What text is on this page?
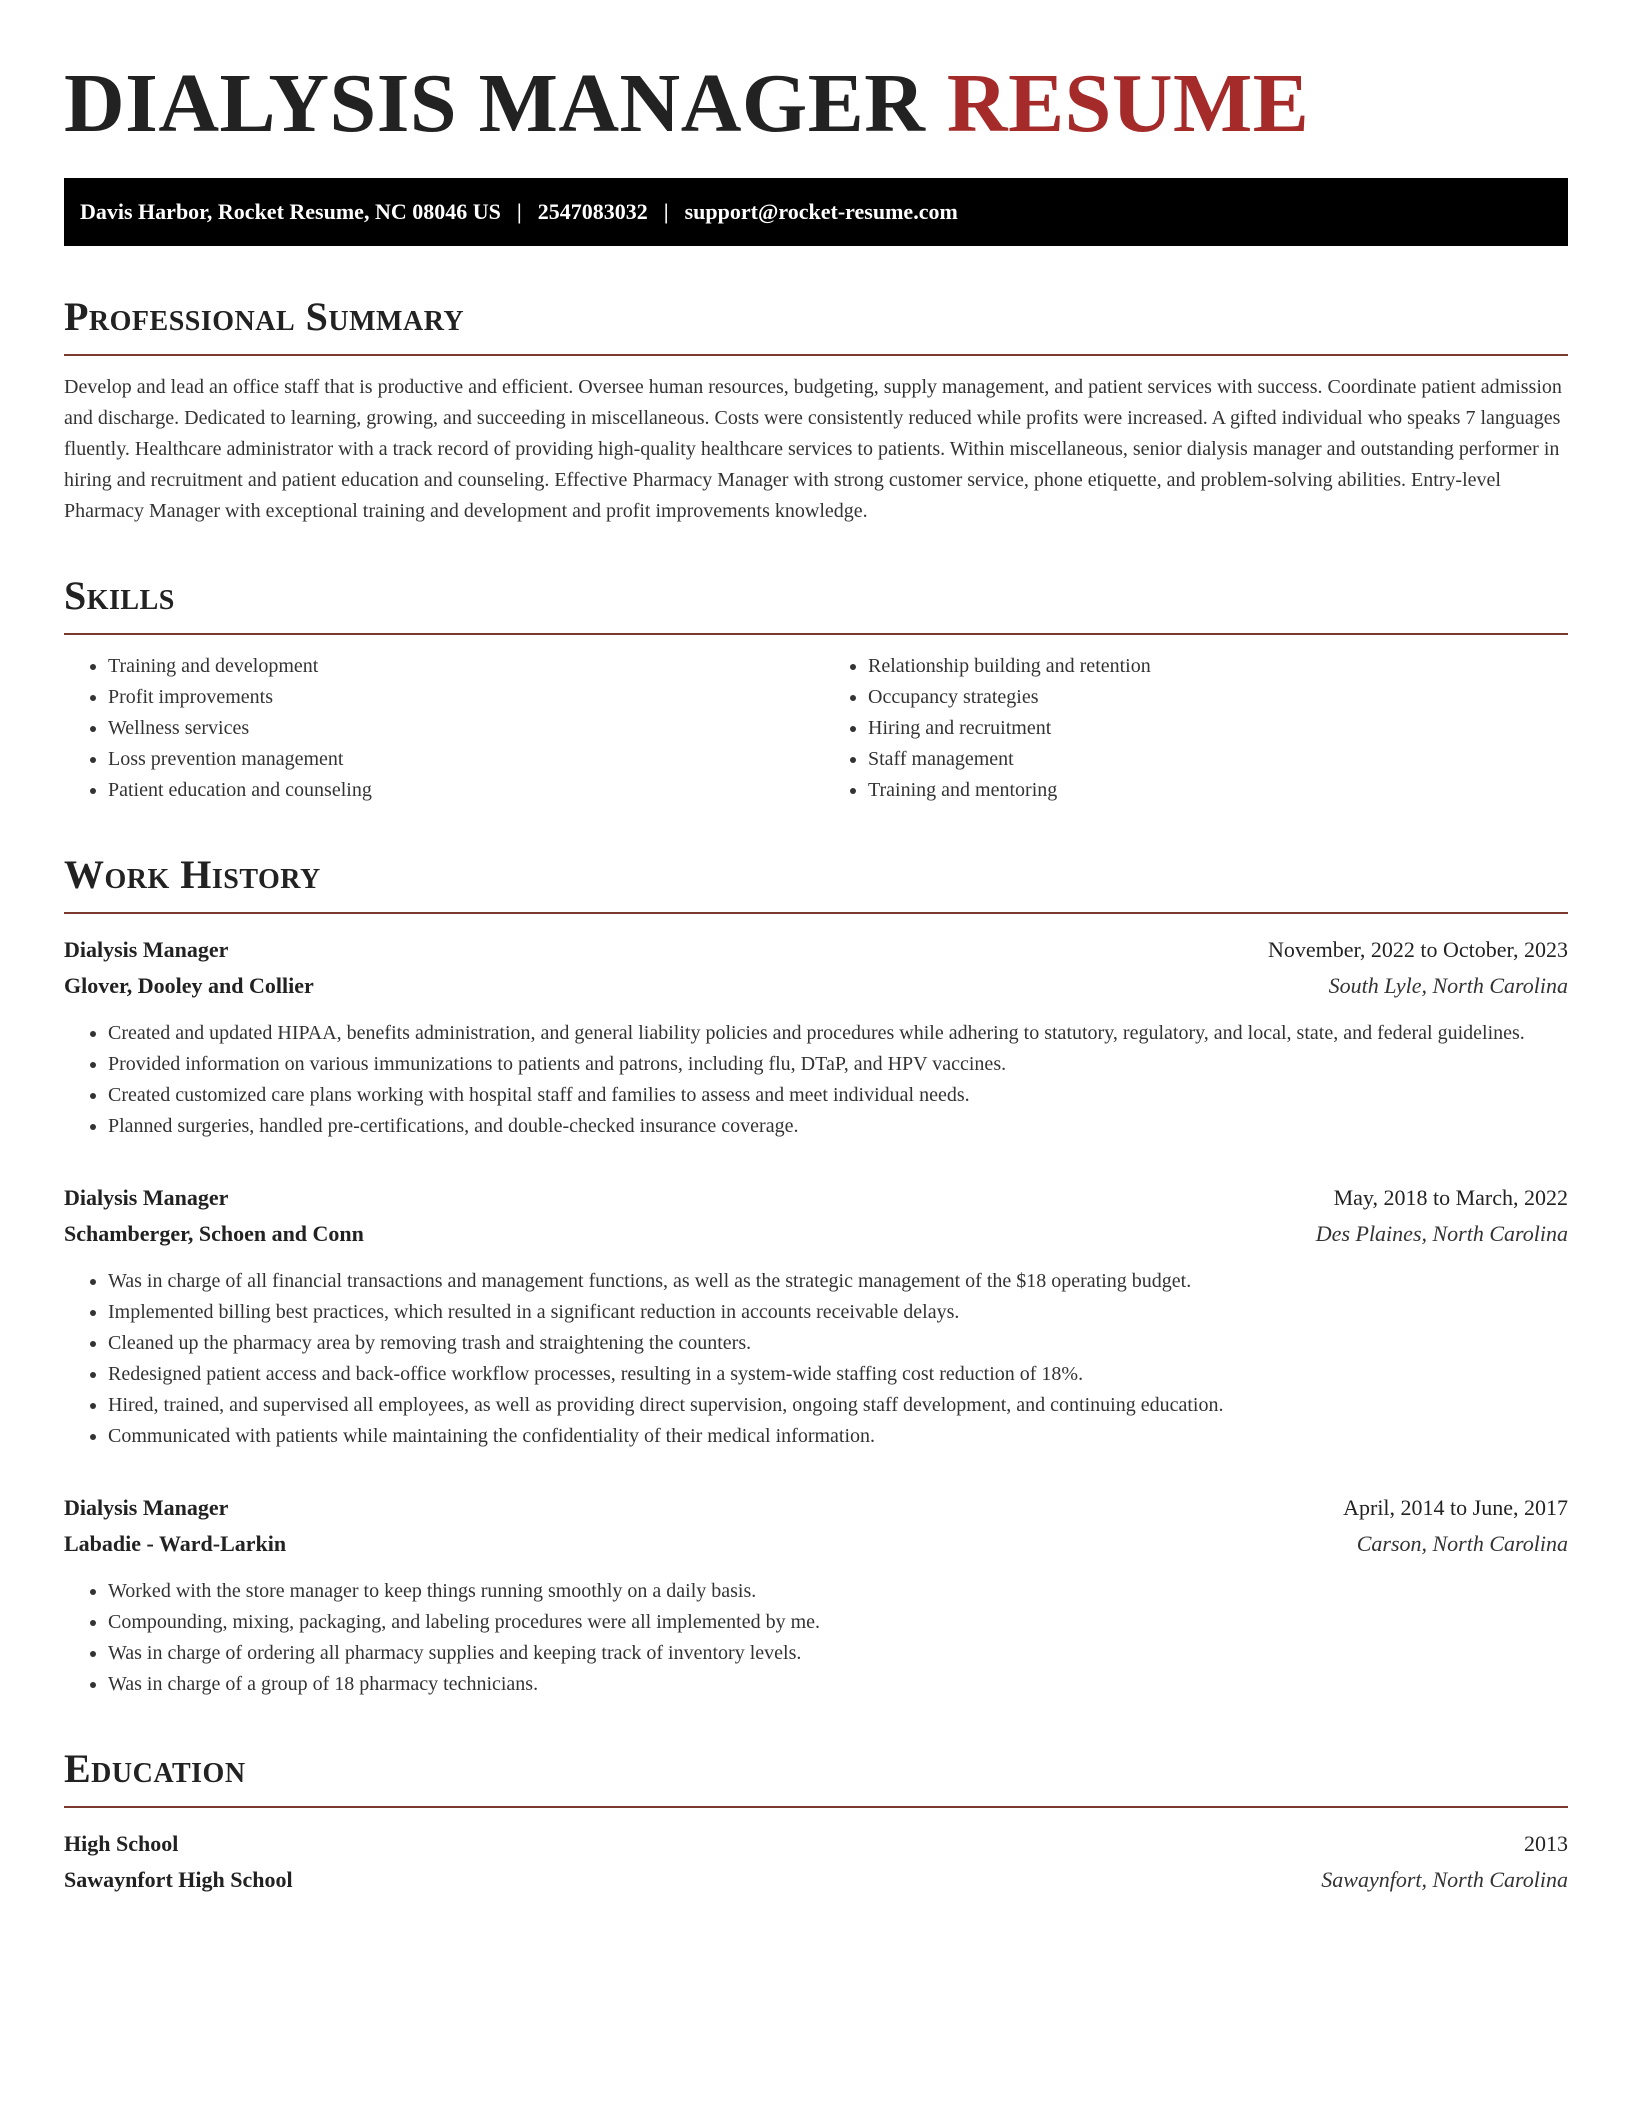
DIALYSIS MANAGER RESUME
Davis Harbor, Rocket Resume, NC 08046 US | 2547083032 | support@rocket-resume.com
Professional Summary

Develop and lead an office staff that is productive and efficient. Oversee human resources, budgeting, supply management, and patient services with success. Coordinate patient admission and discharge. Dedicated to learning, growing, and succeeding in miscellaneous. Costs were consistently reduced while profits were increased. A gifted individual who speaks 7 languages fluently. Healthcare administrator with a track record of providing high-quality healthcare services to patients. Within miscellaneous, senior dialysis manager and outstanding performer in hiring and recruitment and patient education and counseling. Effective Pharmacy Manager with strong customer service, phone etiquette, and problem-solving abilities. Entry-level Pharmacy Manager with exceptional training and development and profit improvements knowledge.

Skills
• Training and development
• Profit improvements
• Wellness services
• Loss prevention management
• Patient education and counseling
• Relationship building and retention
• Occupancy strategies
• Hiring and recruitment
• Staff management
• Training and mentoring
Work History
Dialysis Manager	November, 2022 to October, 2023
Glover, Dooley and Collier	South Lyle, North Carolina
• Created and updated HIPAA, benefits administration, and general liability policies and procedures while adhering to statutory, regulatory, and local, state, and federal guidelines.
• Provided information on various immunizations to patients and patrons, including flu, DTaP, and HPV vaccines.
• Created customized care plans working with hospital staff and families to assess and meet individual needs.
• Planned surgeries, handled pre-certifications, and double-checked insurance coverage.
Dialysis Manager	May, 2018 to March, 2022
Schamberger, Schoen and Conn	Des Plaines, North Carolina
• Was in charge of all financial transactions and management functions, as well as the strategic management of the $18 operating budget.
• Implemented billing best practices, which resulted in a significant reduction in accounts receivable delays.
• Cleaned up the pharmacy area by removing trash and straightening the counters.
• Redesigned patient access and back-office workflow processes, resulting in a system-wide staffing cost reduction of 18%.
• Hired, trained, and supervised all employees, as well as providing direct supervision, ongoing staff development, and continuing education.
• Communicated with patients while maintaining the confidentiality of their medical information.
Dialysis Manager	April, 2014 to June, 2017
Labadie - Ward-Larkin	Carson, North Carolina
• Worked with the store manager to keep things running smoothly on a daily basis.
• Compounding, mixing, packaging, and labeling procedures were all implemented by me.
• Was in charge of ordering all pharmacy supplies and keeping track of inventory levels.
• Was in charge of a group of 18 pharmacy technicians.
Education
High School	2013
Sawaynfort High School	Sawaynfort, North Carolina
